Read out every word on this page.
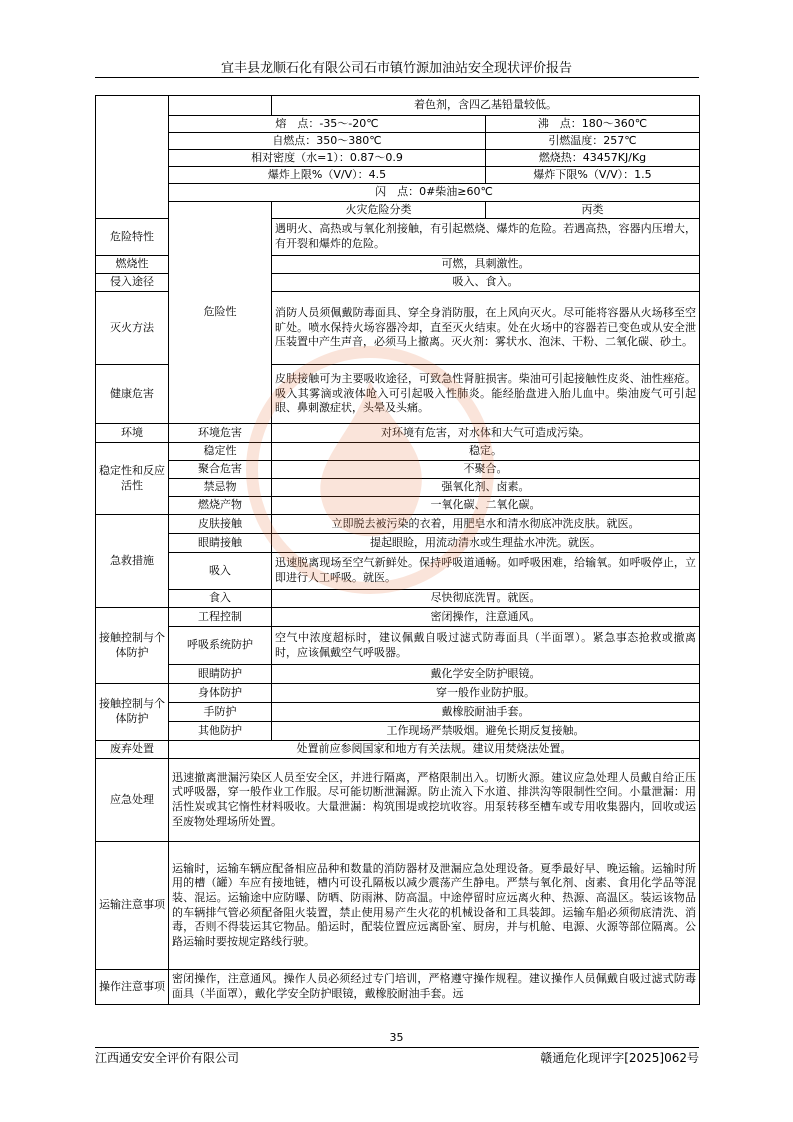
宜丰县龙顺石化有限公司石市镇竹源加油站安全现状评价报告
		着色剂，含四乙基铅量较低。	
	熔　点：-35～-20℃		沸　点：180～360℃
	自燃点：350～380℃		引燃温度：257℃
	相对密度（水=1）：0.87～0.9		燃烧热：43457KJ/Kg
	爆炸上限%（V/V）：4.5		爆炸下限%（V/V）：1.5
	闪　点：0#柴油≥60℃		
	危险性	火灾危险分类	丙类
危险特性		遇明火、高热或与氧化剂接触，有引起燃烧、爆炸的危险。若遇高热，容器内压增大，有开裂和爆炸的危险。	
燃烧性		可燃，具刺激性。	
侵入途径		吸入、食入。	
灭火方法		消防人员须佩戴防毒面具、穿全身消防服，在上风向灭火。尽可能将容器从火场移至空旷处。喷水保持火场容器冷却，直至灭火结束。处在火场中的容器若已变色或从安全泄压装置中产生声音，必须马上撤离。灭火剂：雾状水、泡沫、干粉、二氧化碳、砂土。	
健康危害		皮肤接触可为主要吸收途径，可致急性肾脏损害。柴油可引起接触性皮炎、油性痤疮。吸入其雾滴或液体呛入可引起吸入性肺炎。能经胎盘进入胎儿血中。柴油废气可引起眼、鼻刺激症状，头晕及头痛。	
环境	环境危害	对环境有危害，对水体和大气可造成污染。	
稳定性和反应活性	稳定性	稳定。	
	聚合危害	不聚合。	
	禁忌物	强氧化剂、卤素。	
	燃烧产物	一氧化碳、二氧化碳。	
急救措施	皮肤接触	立即脱去被污染的衣着，用肥皂水和清水彻底冲洗皮肤。就医。	
	眼睛接触	提起眼睑，用流动清水或生理盐水冲洗。就医。	
	吸入	迅速脱离现场至空气新鲜处。保持呼吸道通畅。如呼吸困难，给输氧。如呼吸停止，立即进行人工呼吸。就医。	
	食入	尽快彻底洗胃。就医。	
接触控制与个体防护	工程控制	密闭操作，注意通风。	
	呼吸系统防护	空气中浓度超标时，建议佩戴自吸过滤式防毒面具（半面罩）。紧急事态抢救或撤离时，应该佩戴空气呼吸器。	
	眼睛防护	戴化学安全防护眼镜。	
接触控制与个体防护	身体防护	穿一般作业防护服。	
	手防护	戴橡胶耐油手套。	
	其他防护	工作现场严禁吸烟。避免长期反复接触。	
废弃处置	处置前应参阅国家和地方有关法规。建议用焚烧法处置。		
应急处理	迅速撤离泄漏污染区人员至安全区，并进行隔离，严格限制出入。切断火源。建议应急处理人员戴自给正压式呼吸器，穿一般作业工作服。尽可能切断泄漏源。防止流入下水道、排洪沟等限制性空间。小量泄漏：用活性炭或其它惰性材料吸收。大量泄漏：构筑围堤或挖坑收容。用泵转移至槽车或专用收集器内，回收或运至废物处理场所处置。		
运输注意事项	运输时，运输车辆应配备相应品种和数量的消防器材及泄漏应急处理设备。夏季最好早、晚运输。运输时所用的槽（罐）车应有接地链，槽内可设孔隔板以减少震荡产生静电。严禁与氧化剂、卤素、食用化学品等混装、混运。运输途中应防曝、防晒、防雨淋、防高温。中途停留时应远离火种、热源、高温区。装运该物品的车辆排气管必须配备阻火装置，禁止使用易产生火花的机械设备和工具装卸。运输车船必须彻底清洗、消毒，否则不得装运其它物品。船运时，配装位置应远离卧室、厨房，并与机舱、电源、火源等部位隔离。公路运输时要按规定路线行驶。		
操作注意事项	密闭操作，注意通风。操作人员必须经过专门培训，严格遵守操作规程。建议操作人员佩戴自吸过滤式防毒面具（半面罩），戴化学安全防护眼镜，戴橡胶耐油手套。远		
35
江西通安安全评价有限公司	赣通危化现评字[2025]062号
